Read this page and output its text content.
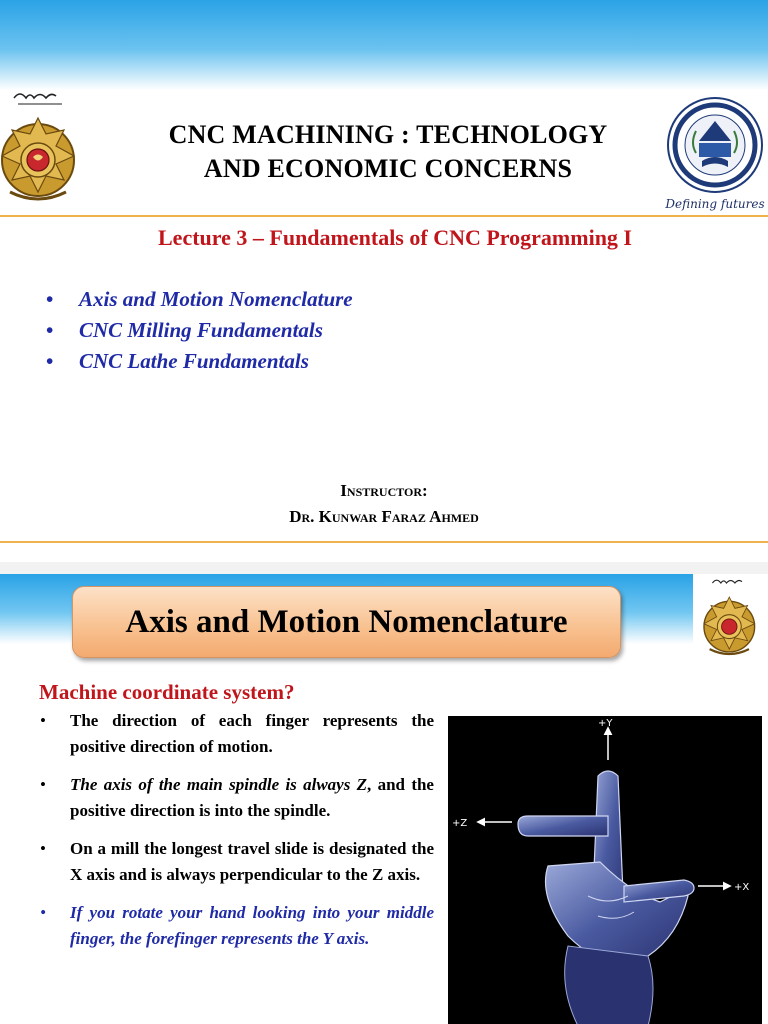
CNC MACHINING : TECHNOLOGY
AND ECONOMIC CONCERNS
Defining futures
Lecture 3 – Fundamentals of CNC Programming I
• Axis and Motion Nomenclature
• CNC Milling Fundamentals
• CNC Lathe Fundamentals
Instructor:
Dr. Kunwar Faraz Ahmed
Axis and Motion Nomenclature
Machine coordinate system?
• The direction of each finger represents the positive direction of motion.
• The axis of the main spindle is always Z, and the positive direction is into the spindle.
• On a mill the longest travel slide is designated the X axis and is always perpendicular to the Z axis.
• If you rotate your hand looking into your middle finger, the forefinger represents the Y axis.
+Y
+Z
+X
